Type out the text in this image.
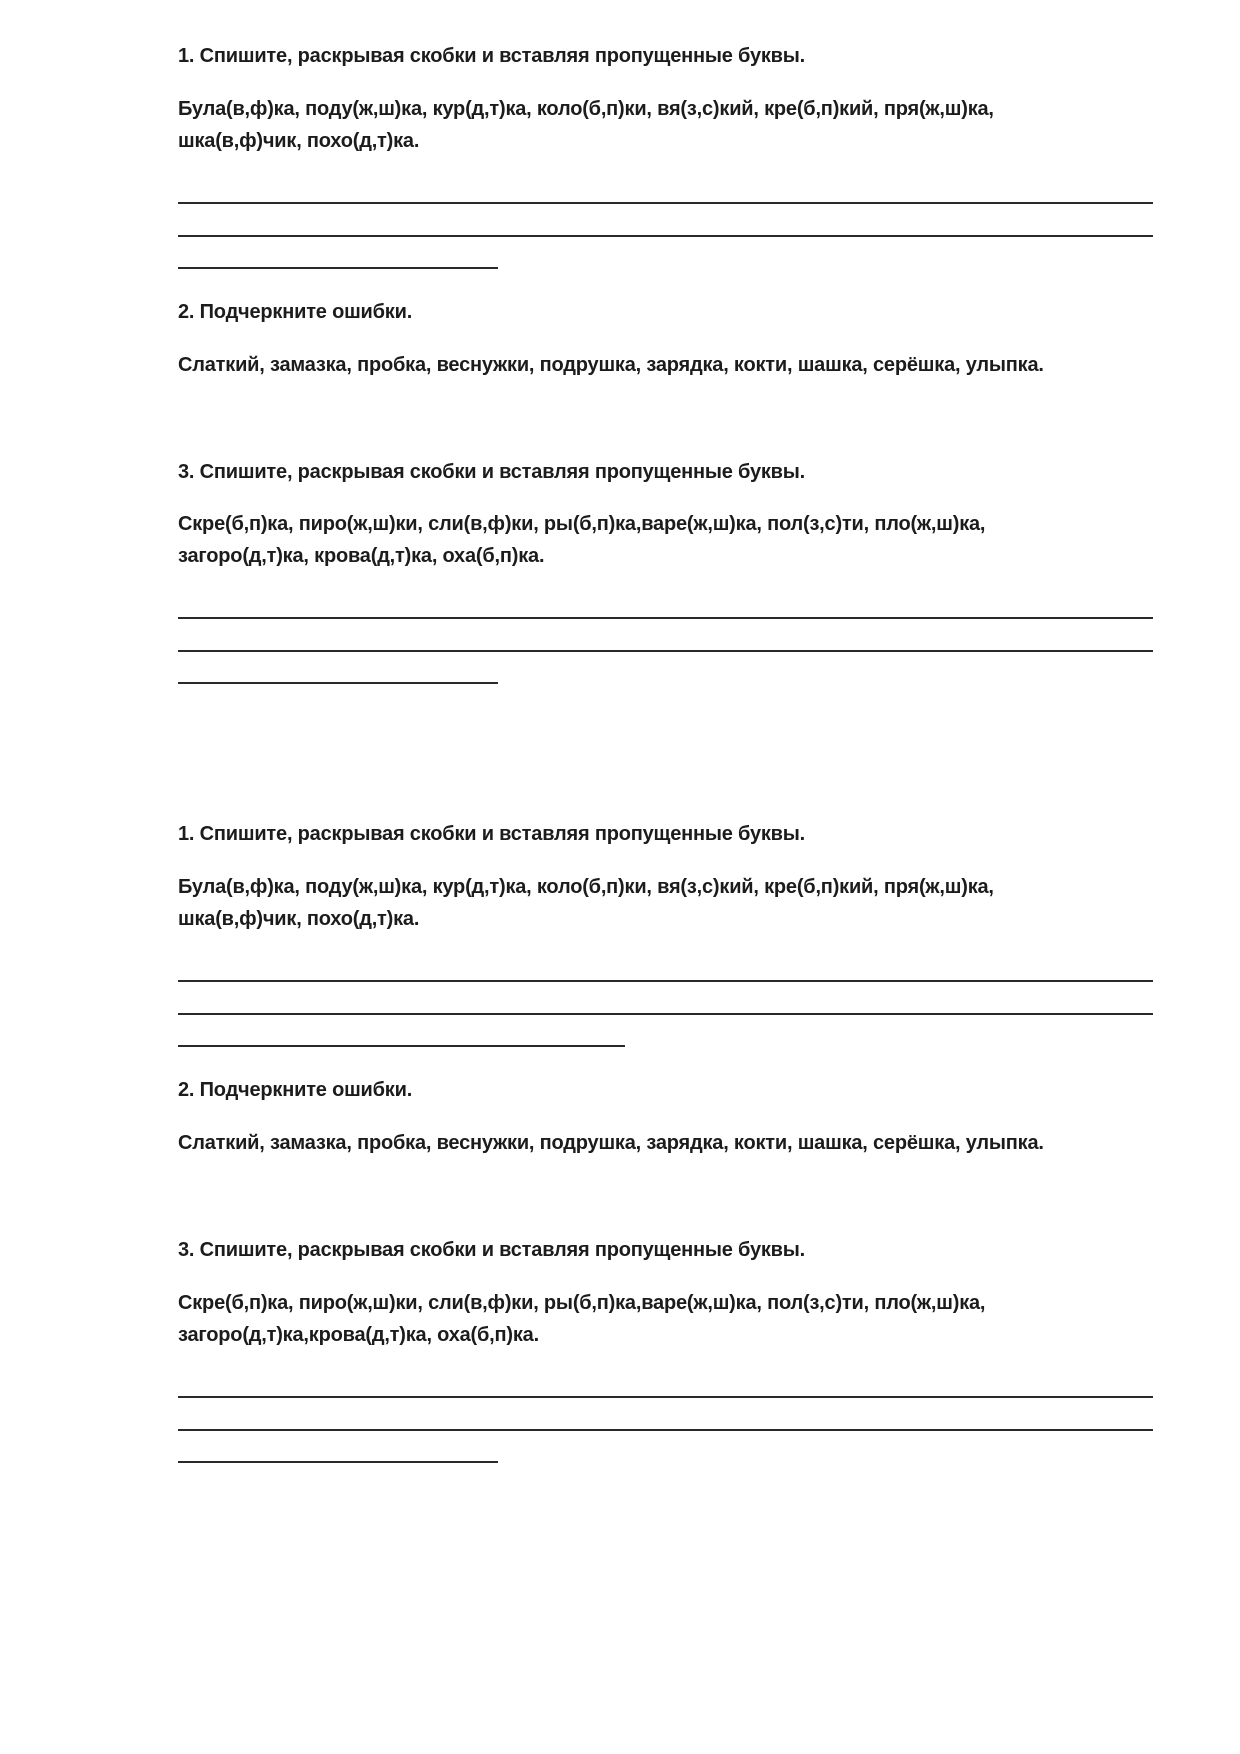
1. Спишите, раскрывая скобки и вставляя пропущенные буквы.
Була(в,ф)ка, поду(ж,ш)ка, кур(д,т)ка, коло(б,п)ки, вя(з,с)кий, кре(б,п)кий, пря(ж,ш)ка,
шка(в,ф)чик, похо(д,т)ка.
2. Подчеркните ошибки.
Слаткий, замазка, пробка, веснужки, подрушка, зарядка, кокти, шашка, серёшка, улыпка.
3. Спишите, раскрывая скобки и вставляя пропущенные буквы.
Скре(б,п)ка, пиро(ж,ш)ки, сли(в,ф)ки, ры(б,п)ка,варе(ж,ш)ка, пол(з,с)ти, пло(ж,ш)ка,
загоро(д,т)ка, крова(д,т)ка, оха(б,п)ка.
1. Спишите, раскрывая скобки и вставляя пропущенные буквы.
Була(в,ф)ка, поду(ж,ш)ка, кур(д,т)ка, коло(б,п)ки, вя(з,с)кий, кре(б,п)кий, пря(ж,ш)ка,
шка(в,ф)чик, похо(д,т)ка.
2. Подчеркните ошибки.
Слаткий, замазка, пробка, веснужки, подрушка, зарядка, кокти, шашка, серёшка, улыпка.
3. Спишите, раскрывая скобки и вставляя пропущенные буквы.
Скре(б,п)ка, пиро(ж,ш)ки, сли(в,ф)ки, ры(б,п)ка,варе(ж,ш)ка, пол(з,с)ти, пло(ж,ш)ка,
загоро(д,т)ка,крова(д,т)ка, оха(б,п)ка.
